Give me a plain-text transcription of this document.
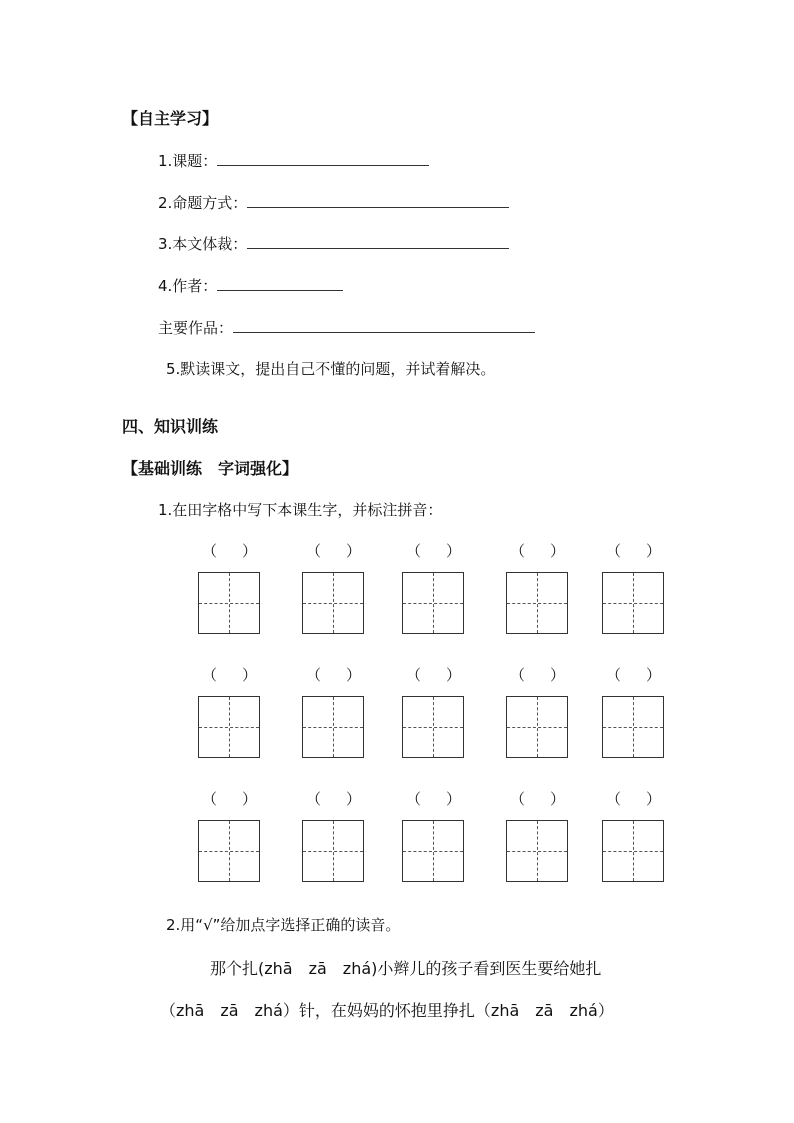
【自主学习】
1.课题：
2.命题方式：
3.本文体裁：
4.作者：
主要作品：
5.默读课文，提出自己不懂的问题，并试着解决。
四、知识训练
【基础训练　字词强化】
1.在田字格中写下本课生字，并标注拼音：
（ ）	（ ）	（ ）	（ ）	（ ）
（ ）	（ ）	（ ）	（ ）	（ ）
（ ）	（ ）	（ ）	（ ）	（ ）
2.用“√”给加点字选择正确的读音。
那个扎(zhā　zā　zhá)小辫儿的孩子看到医生要给她扎
（zhā　zā　zhá）针，在妈妈的怀抱里挣扎（zhā　zā　zhá）
